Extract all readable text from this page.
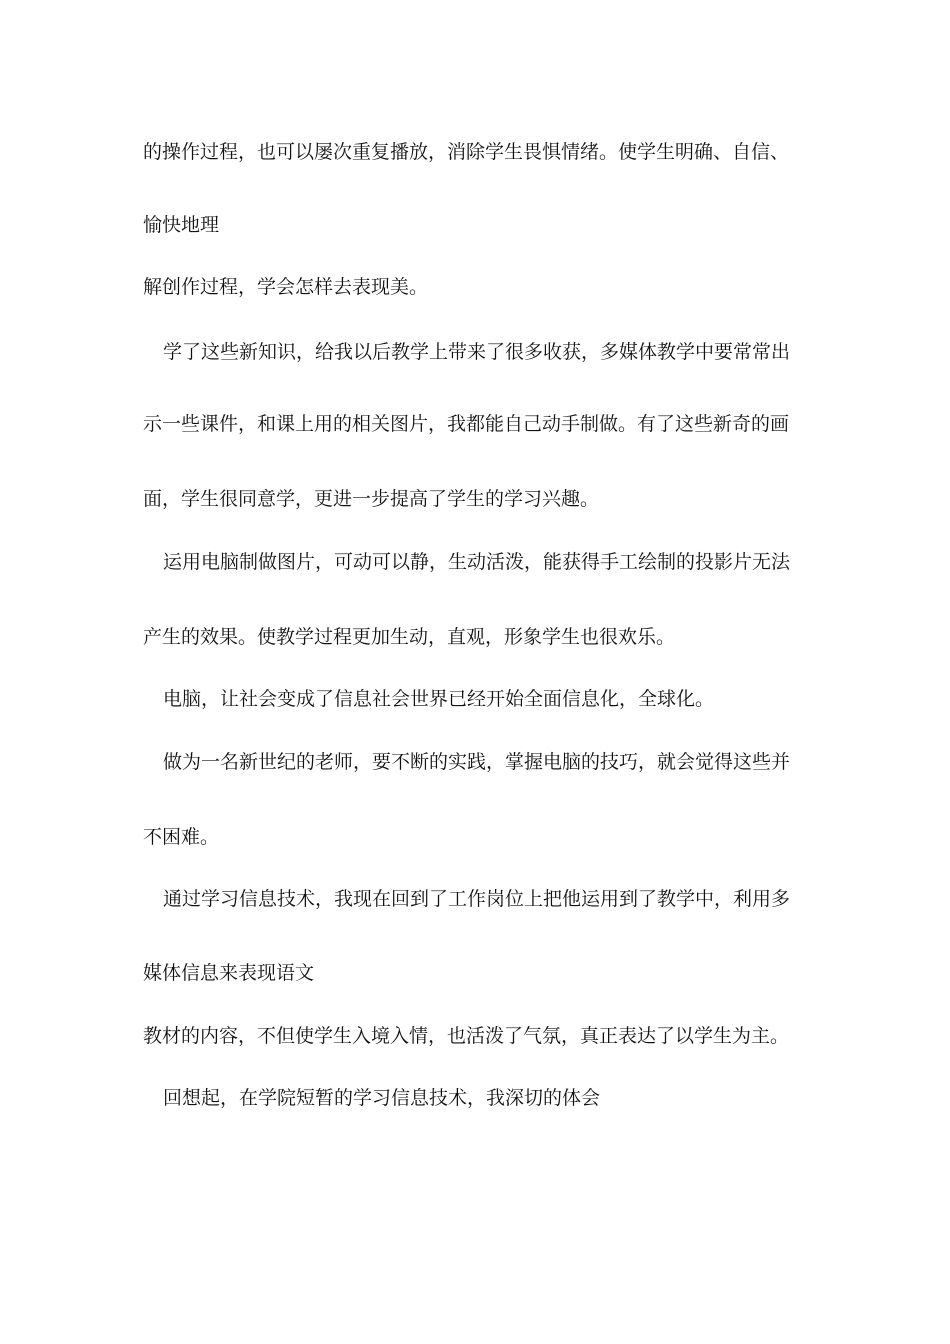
的操作过程，也可以屡次重复播放，消除学生畏惧情绪。使学生明确、自信、

愉快地理

解创作过程，学会怎样去表现美。

学了这些新知识，给我以后教学上带来了很多收获，多媒体教学中要常常出

示一些课件，和课上用的相关图片，我都能自己动手制做。有了这些新奇的画

面，学生很同意学，更进一步提高了学生的学习兴趣。

运用电脑制做图片，可动可以静，生动活泼，能获得手工绘制的投影片无法

产生的效果。使教学过程更加生动，直观，形象学生也很欢乐。

电脑，让社会变成了信息社会世界已经开始全面信息化，全球化。

做为一名新世纪的老师，要不断的实践，掌握电脑的技巧，就会觉得这些并

不困难。

通过学习信息技术，我现在回到了工作岗位上把他运用到了教学中，利用多

媒体信息来表现语文

教材的内容，不但使学生入境入情，也活泼了气氛，真正表达了以学生为主。

回想起，在学院短暂的学习信息技术，我深切的体会
